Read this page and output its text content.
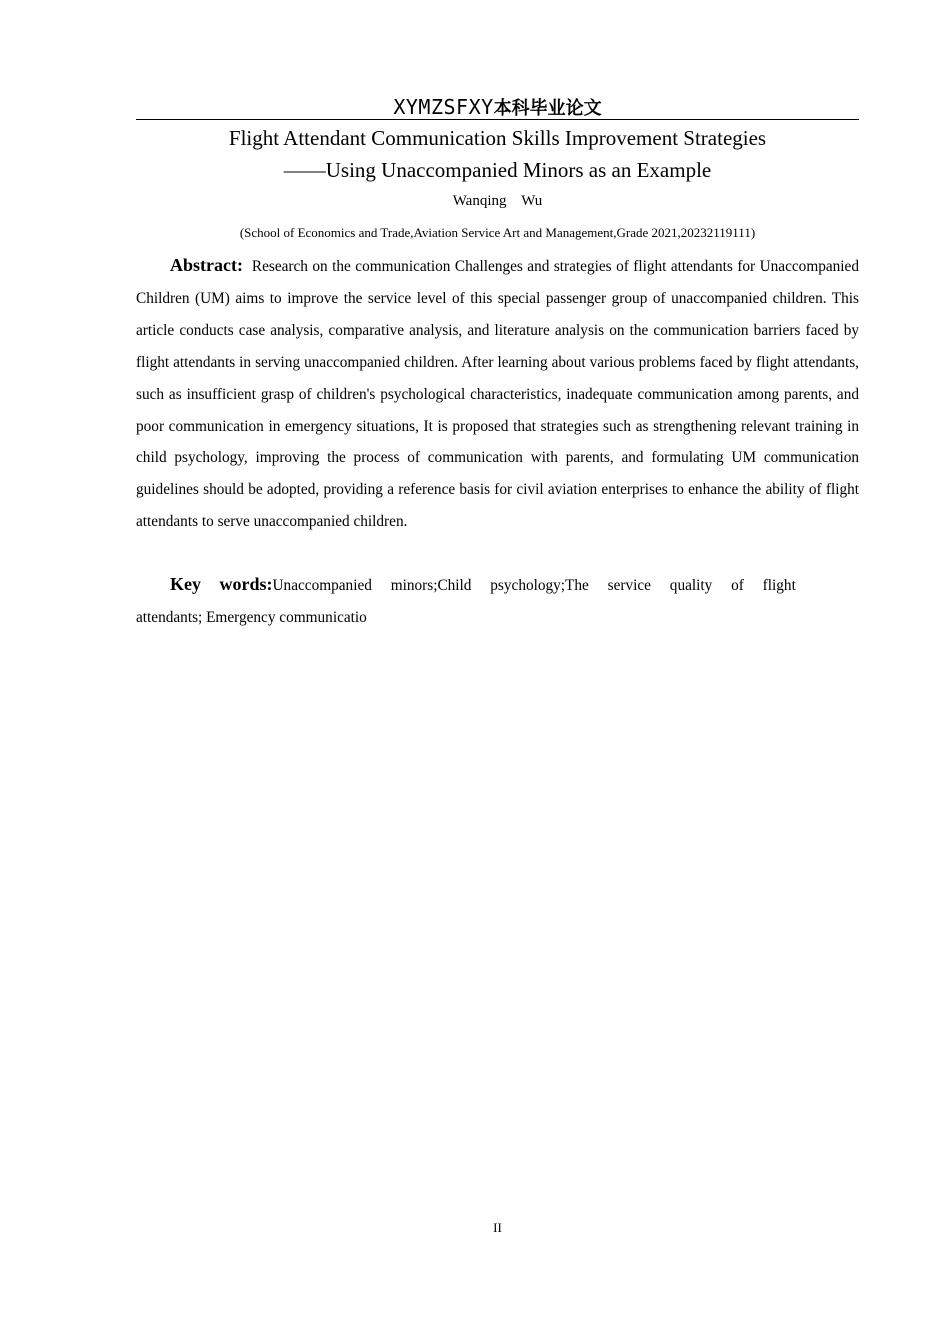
XYMZSFXY本科毕业论文
Flight Attendant Communication Skills Improvement Strategies
——Using Unaccompanied Minors as an Example
Wanqing    Wu
(School of Economics and Trade,Aviation Service Art and Management,Grade 2021,20232119111)

Abstract: Research on the communication Challenges and strategies of flight attendants for Unaccompanied Children (UM) aims to improve the service level of this special passenger group of unaccompanied children. This article conducts case analysis, comparative analysis, and literature analysis on the communication barriers faced by flight attendants in serving unaccompanied children. After learning about various problems faced by flight attendants, such as insufficient grasp of children's psychological characteristics, inadequate communication among parents, and poor communication in emergency situations, It is proposed that strategies such as strengthening relevant training in child psychology, improving the process of communication with parents, and formulating UM communication guidelines should be adopted, providing a reference basis for civil aviation enterprises to enhance the ability of flight attendants to serve unaccompanied children.

Key words:Unaccompanied minors;Child psychology;The service quality of flight
attendants; Emergency communicatio

II
